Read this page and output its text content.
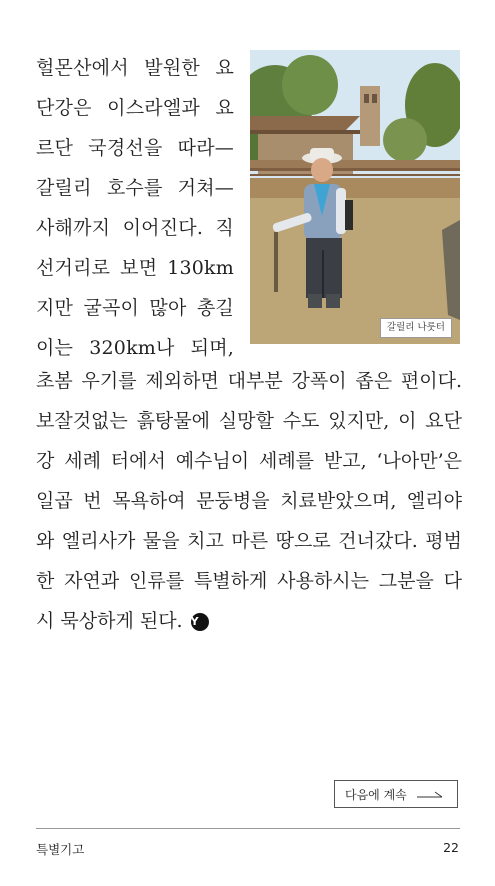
헐몬산에서 발원한 요
단강은 이스라엘과 요
르단 국경선을 따라—
갈릴리 호수를 거쳐—
사해까지 이어진다. 직
선거리로 보면 130km
지만 굴곡이 많아 총길
이는 320km나 되며,
갈릴리 나룻터
초봄 우기를 제외하면 대부분 강폭이 좁은 편이다.
보잘것없는 흙탕물에 실망할 수도 있지만, 이 요단
강 세례 터에서 예수님이 세례를 받고, ‘나아만’은
일곱 번 목욕하여 문둥병을 치료받았으며, 엘리야
와 엘리사가 물을 치고 마른 땅으로 건너갔다. 평범
한 자연과 인류를 특별하게 사용하시는 그분을 다
시 묵상하게 된다. Y
다음에 계속
특별기고	22
